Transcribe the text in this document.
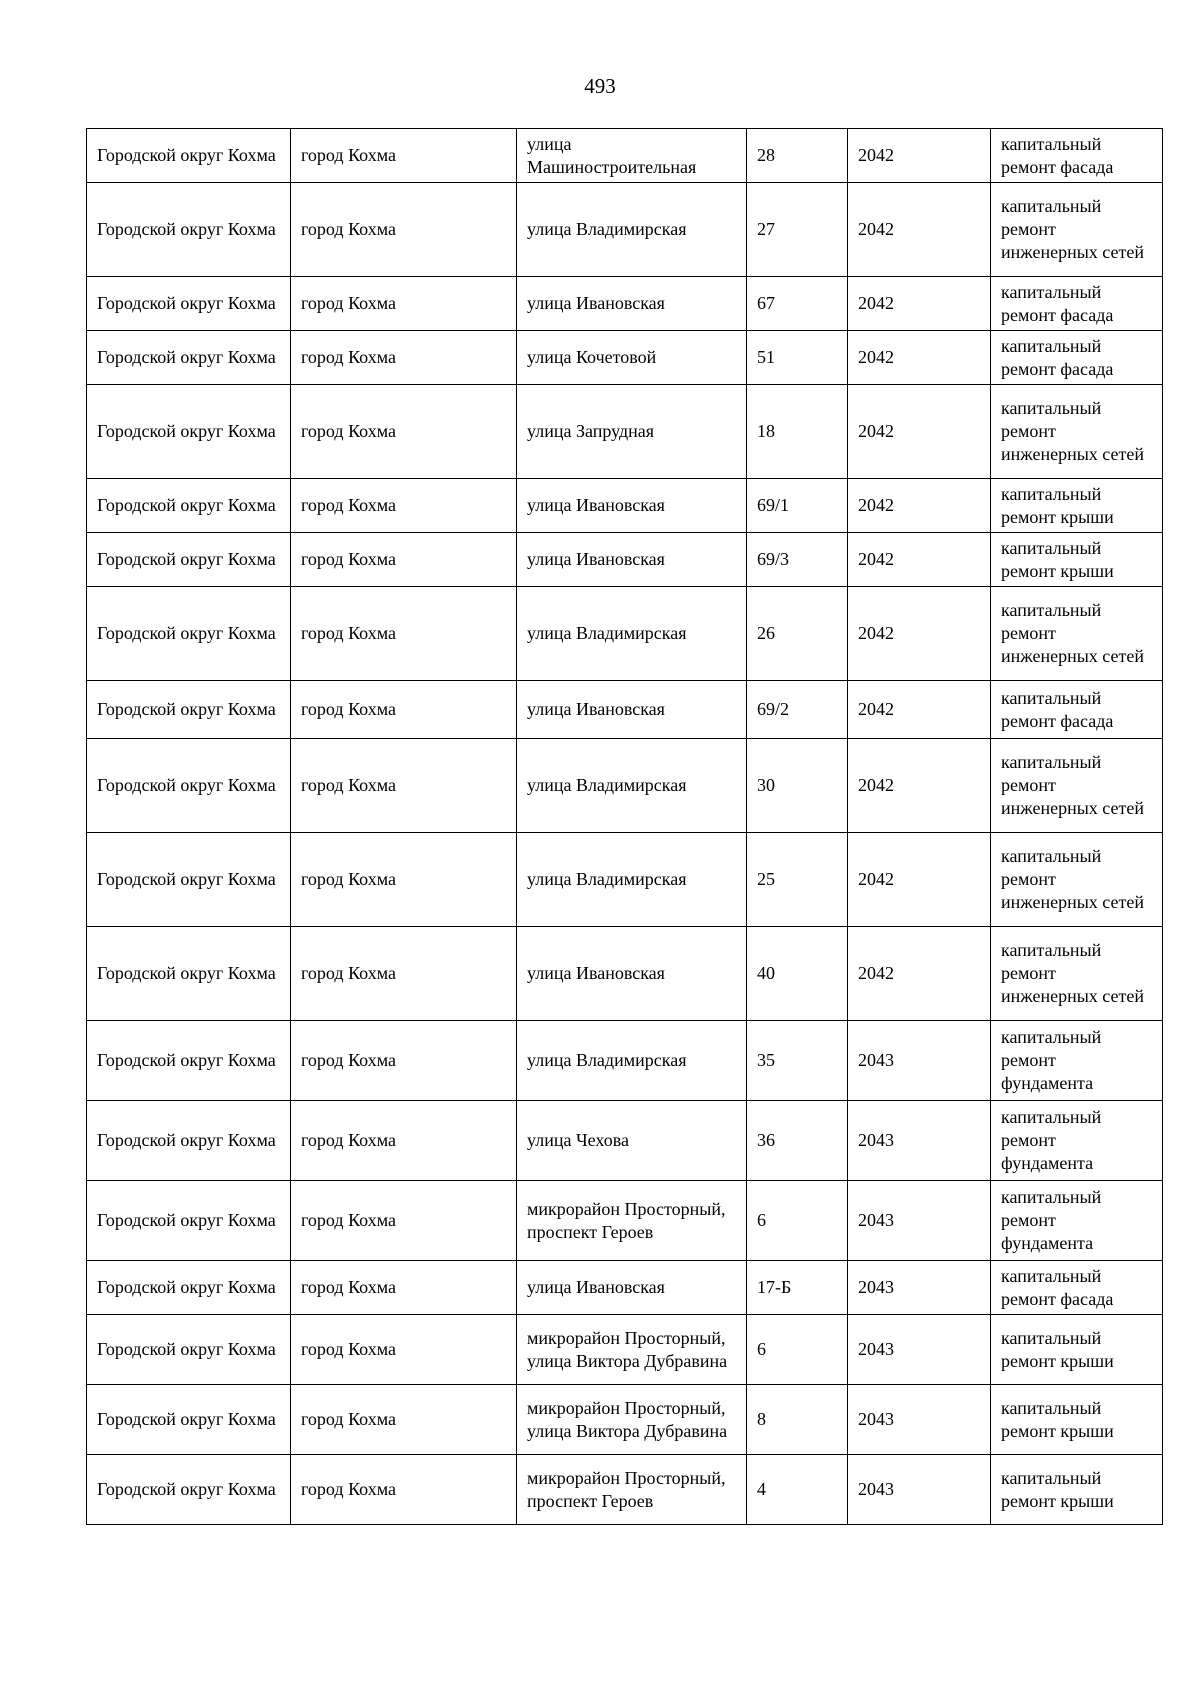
493
Городской округ Кохма	город Кохма	улица Машиностроительная	28	2042	капитальный ремонт фасада
Городской округ Кохма	город Кохма	улица Владимирская	27	2042	капитальный ремонт инженерных сетей
Городской округ Кохма	город Кохма	улица Ивановская	67	2042	капитальный ремонт фасада
Городской округ Кохма	город Кохма	улица Кочетовой	51	2042	капитальный ремонт фасада
Городской округ Кохма	город Кохма	улица Запрудная	18	2042	капитальный ремонт инженерных сетей
Городской округ Кохма	город Кохма	улица Ивановская	69/1	2042	капитальный ремонт крыши
Городской округ Кохма	город Кохма	улица Ивановская	69/3	2042	капитальный ремонт крыши
Городской округ Кохма	город Кохма	улица Владимирская	26	2042	капитальный ремонт инженерных сетей
Городской округ Кохма	город Кохма	улица Ивановская	69/2	2042	капитальный ремонт фасада
Городской округ Кохма	город Кохма	улица Владимирская	30	2042	капитальный ремонт инженерных сетей
Городской округ Кохма	город Кохма	улица Владимирская	25	2042	капитальный ремонт инженерных сетей
Городской округ Кохма	город Кохма	улица Ивановская	40	2042	капитальный ремонт инженерных сетей
Городской округ Кохма	город Кохма	улица Владимирская	35	2043	капитальный ремонт фундамента
Городской округ Кохма	город Кохма	улица Чехова	36	2043	капитальный ремонт фундамента
Городской округ Кохма	город Кохма	микрорайон Просторный, проспект Героев	6	2043	капитальный ремонт фундамента
Городской округ Кохма	город Кохма	улица Ивановская	17-Б	2043	капитальный ремонт фасада
Городской округ Кохма	город Кохма	микрорайон Просторный, улица Виктора Дубравина	6	2043	капитальный ремонт крыши
Городской округ Кохма	город Кохма	микрорайон Просторный, улица Виктора Дубравина	8	2043	капитальный ремонт крыши
Городской округ Кохма	город Кохма	микрорайон Просторный, проспект Героев	4	2043	капитальный ремонт крыши
